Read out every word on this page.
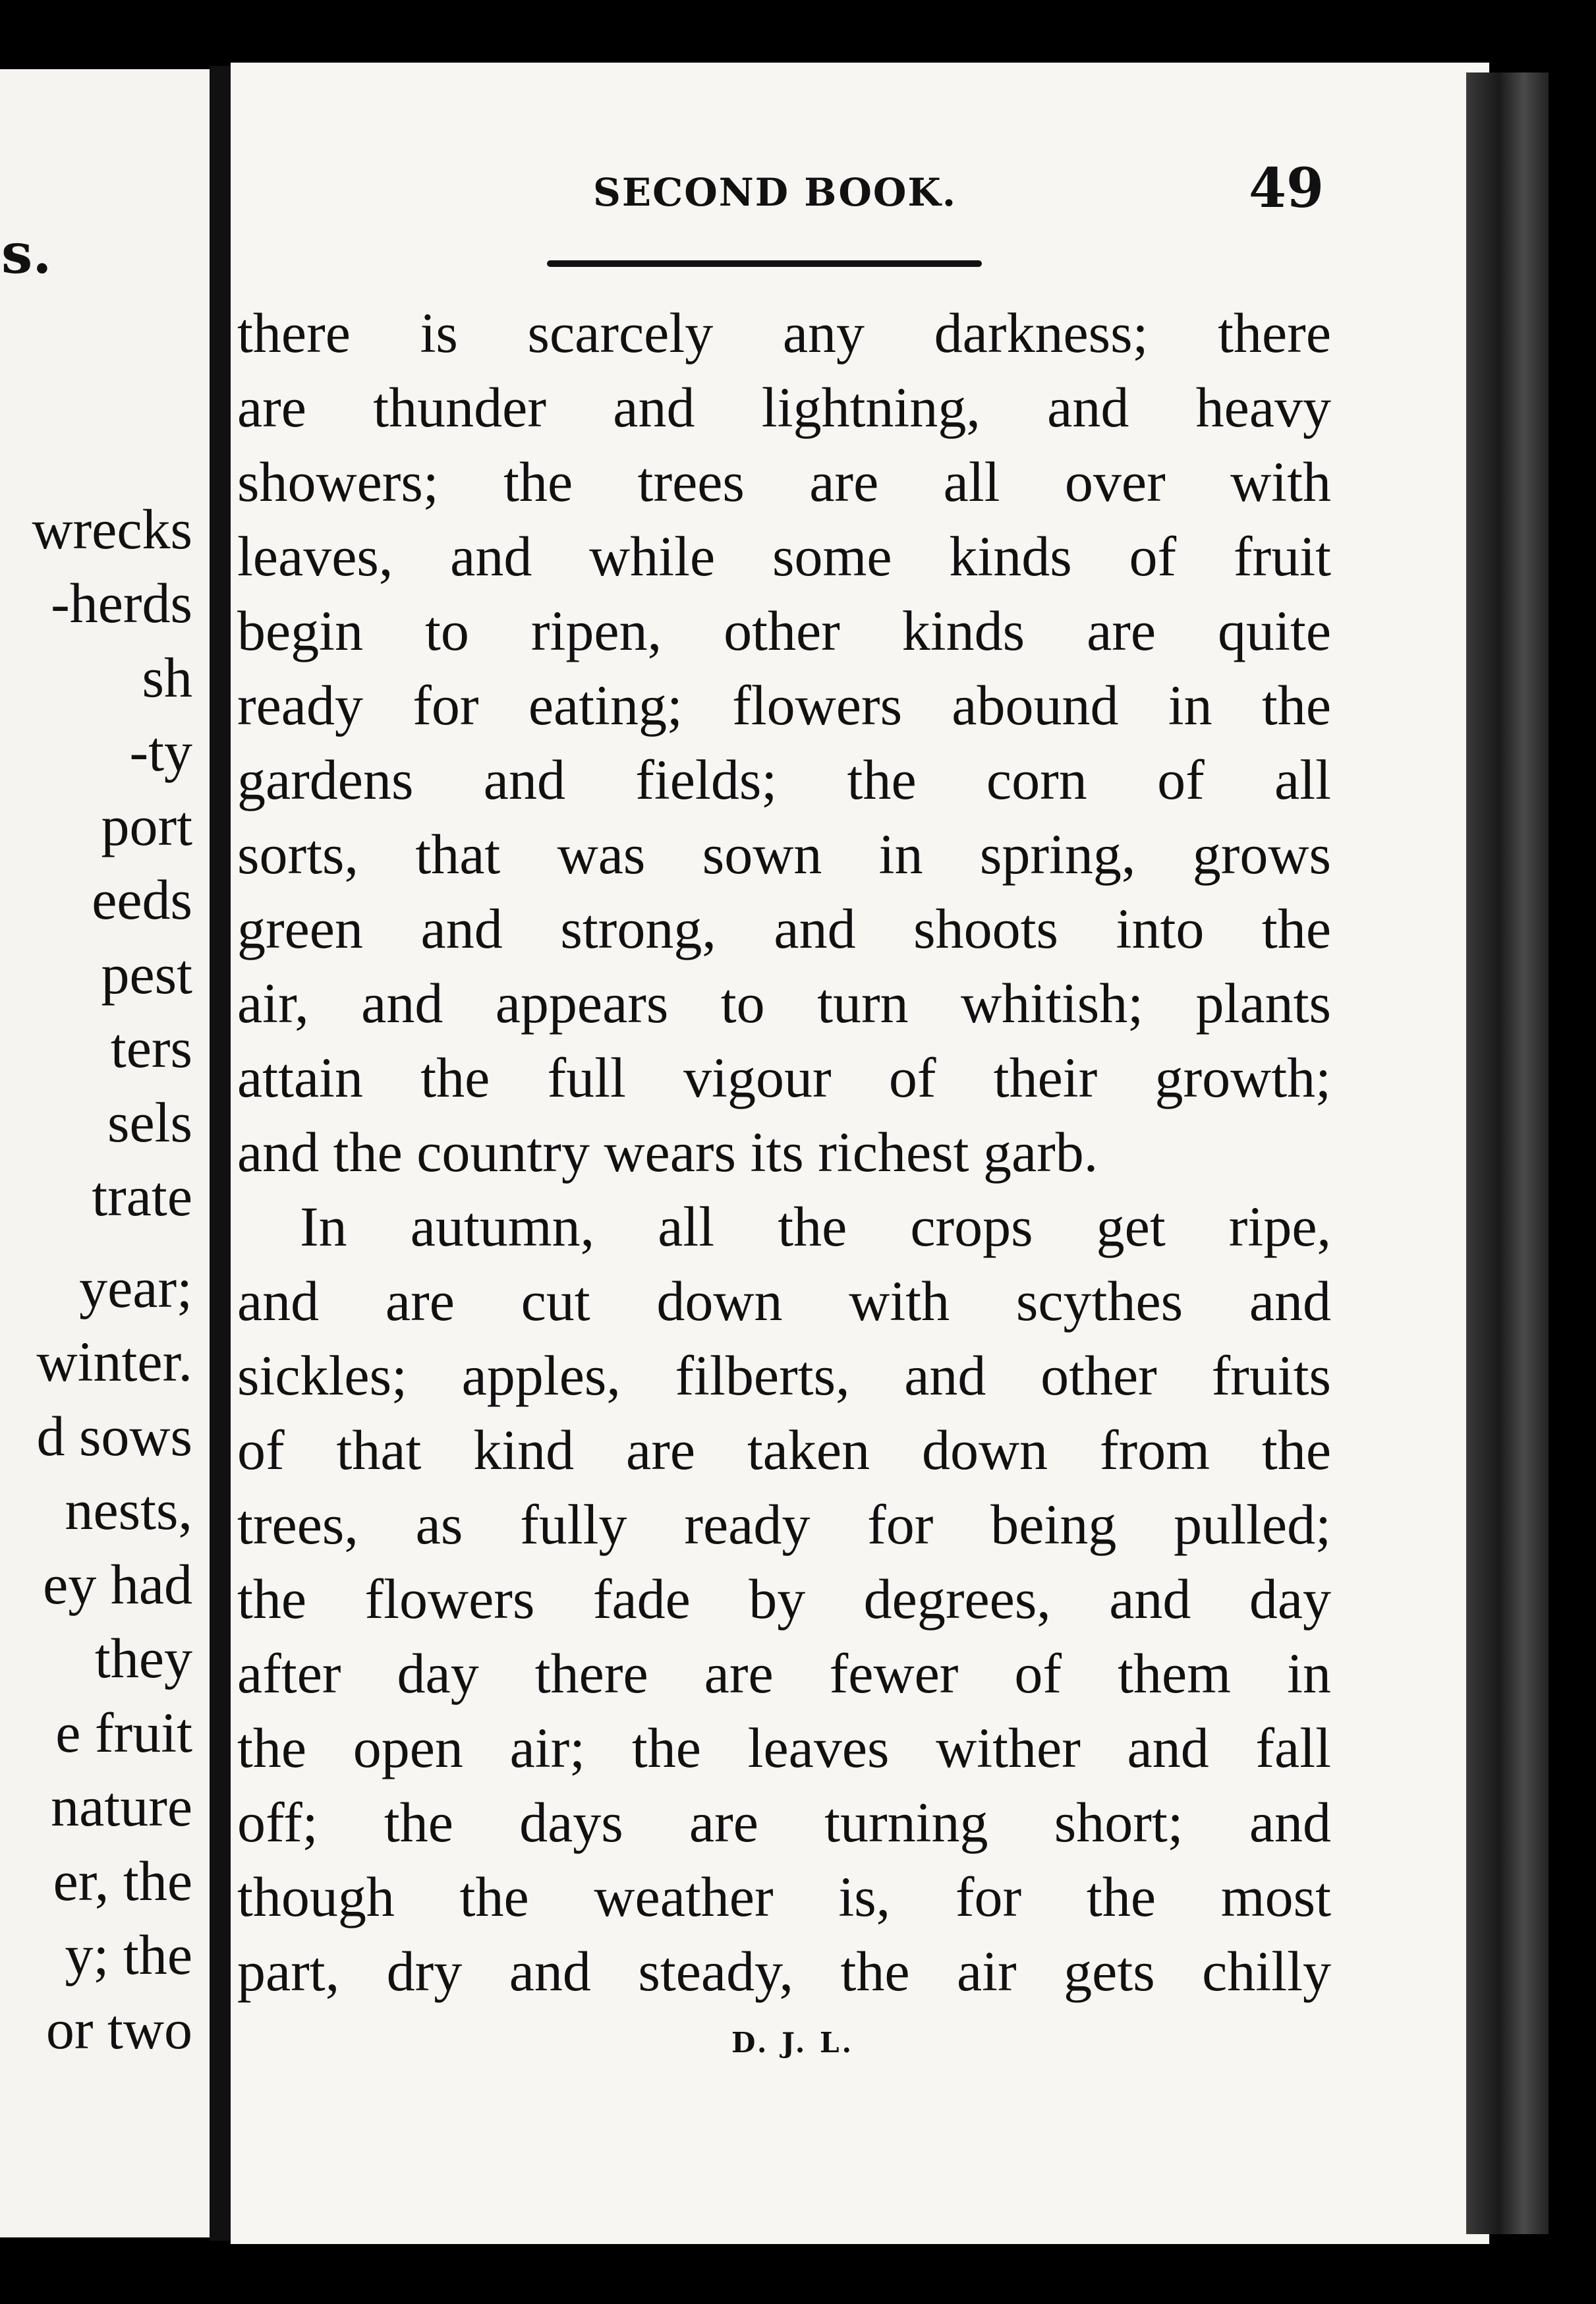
s.
wrecks
-herds
sh
-ty
port
eeds
pest
ters
sels
trate
year;
winter.
d sows
nests,
ey had
they
e fruit
nature
er, the
y; the
or two
SECOND BOOK.	49
there is scarcely any darkness; there
are thunder and lightning, and heavy
showers; the trees are all over with
leaves, and while some kinds of fruit
begin to ripen, other kinds are quite
ready for eating; flowers abound in the
gardens and fields; the corn of all
sorts, that was sown in spring, grows
green and strong, and shoots into the
air, and appears to turn whitish; plants
attain the full vigour of their growth;
and the country wears its richest garb.
In autumn, all the crops get ripe,
and are cut down with scythes and
sickles; apples, filberts, and other fruits
of that kind are taken down from the
trees, as fully ready for being pulled;
the flowers fade by degrees, and day
after day there are fewer of them in
the open air; the leaves wither and fall
off; the days are turning short; and
though the weather is, for the most
part, dry and steady, the air gets chilly
D. J. L.
